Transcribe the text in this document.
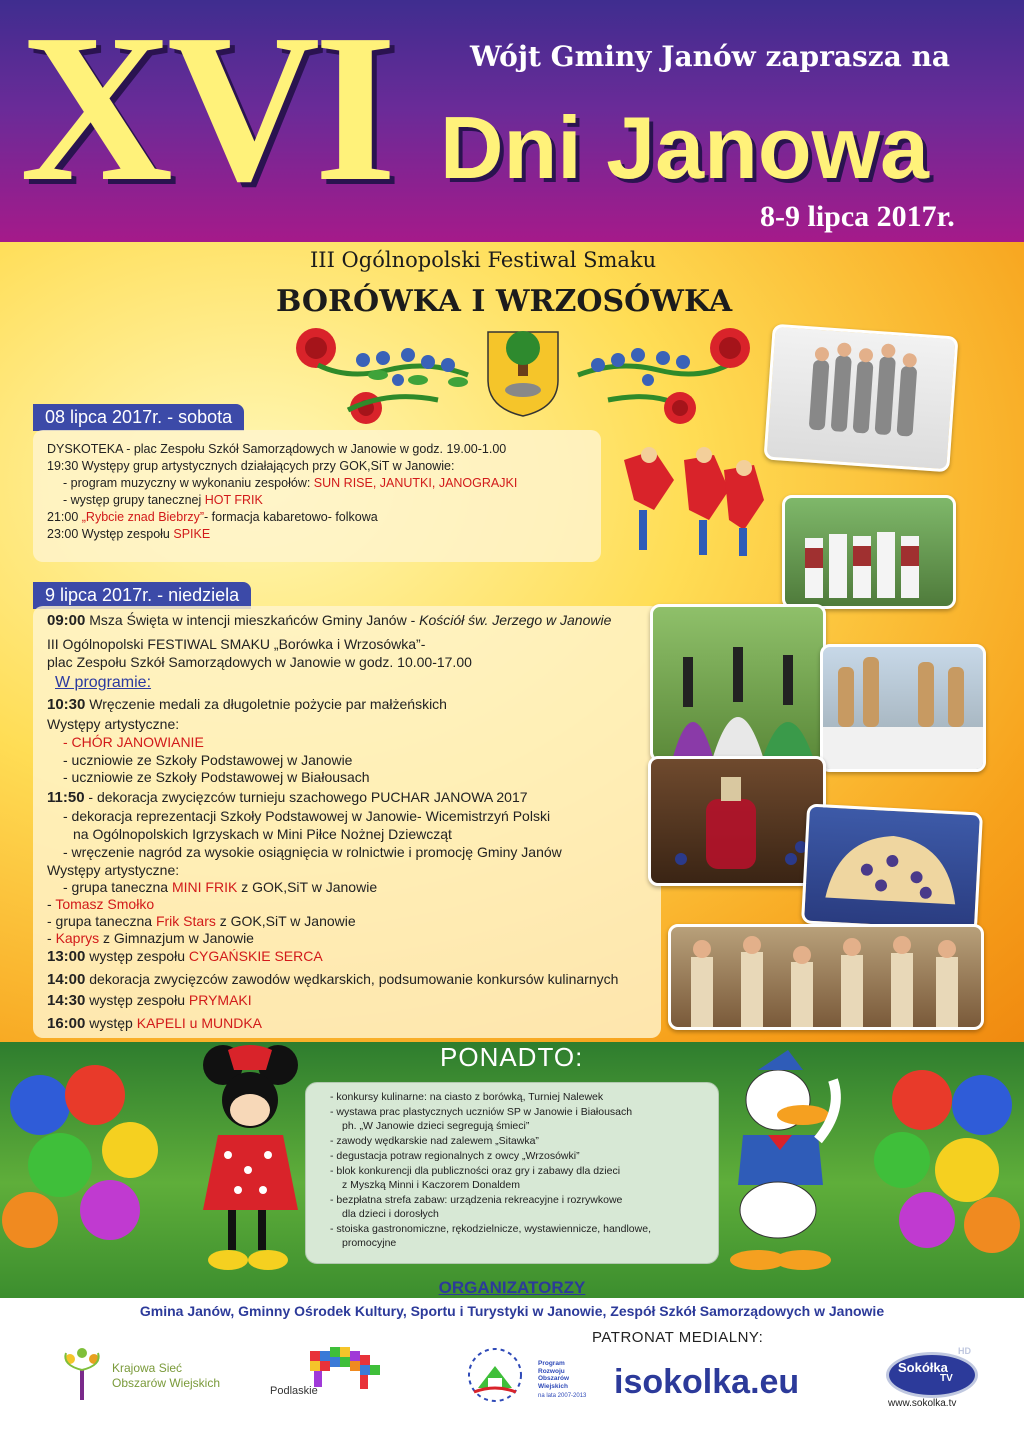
XVI	Wójt Gminy Janów zaprasza na
Dni Janowa
8-9 lipca 2017r.
III Ogólnopolski Festiwal Smaku
BORÓWKA I WRZOSÓWKA
08 lipca 2017r. - sobota
DYSKOTEKA - plac Zespołu Szkół Samorządowych w Janowie w godz. 19.00-1.00
19:30 Występy grup artystycznych działających przy GOK,SiT w Janowie:
- program muzyczny w wykonaniu zespołów: SUN RISE, JANUTKI, JANOGRAJKI
- występ grupy tanecznej HOT FRIK
21:00 „Rybcie znad Biebrzy”- formacja kabaretowo- folkowa
23:00 Występ zespołu SPIKE
9 lipca 2017r. - niedziela
09:00 Msza Święta w intencji mieszkańców Gminy Janów - Kościół św. Jerzego w Janowie
III Ogólnopolski FESTIWAL SMAKU „Borówka i Wrzosówka”-
plac Zespołu Szkół Samorządowych w Janowie w godz. 10.00-17.00
W programie:
10:30 Wręczenie medali za długoletnie pożycie par małżeńskich
Występy artystyczne:
- CHÓR JANOWIANIE
- uczniowie ze Szkoły Podstawowej w Janowie
- uczniowie ze Szkoły Podstawowej w Białousach
11:50 - dekoracja zwycięzców turnieju szachowego PUCHAR JANOWA 2017
- dekoracja reprezentacji Szkoły Podstawowej w Janowie- Wicemistrzyń Polski
na Ogólnopolskich Igrzyskach w Mini Piłce Nożnej Dziewcząt
- wręczenie nagród za wysokie osiągnięcia w rolnictwie i promocję Gminy Janów
Występy artystyczne:
- grupa taneczna MINI FRIK z GOK,SiT w Janowie
- Tomasz Smołko
- grupa taneczna Frik Stars z GOK,SiT w Janowie
- Kaprys z Gimnazjum w Janowie
13:00 występ zespołu CYGAŃSKIE SERCA
14:00 dekoracja zwycięzców zawodów wędkarskich, podsumowanie konkursów kulinarnych
14:30 występ zespołu PRYMAKI
16:00 występ KAPELI u MUNDKA
PONADTO:
- konkursy kulinarne: na ciasto z borówką, Turniej Nalewek
- wystawa prac plastycznych uczniów SP w Janowie i Białousach
ph. „W Janowie dzieci segregują śmieci”
- zawody wędkarskie nad zalewem „Sitawka”
- degustacja potraw regionalnych z owcy „Wrzosówki”
- blok konkurencji dla publiczności oraz gry i zabawy dla dzieci
z Myszką Minni i Kaczorem Donaldem
- bezpłatna strefa zabaw: urządzenia rekreacyjne i rozrywkowe
dla dzieci i dorosłych
- stoiska gastronomiczne, rękodzielnicze, wystawiennicze, handlowe,
promocyjne
ORGANIZATORZY
Gmina Janów, Gminny Ośrodek Kultury, Sportu i Turystyki w Janowie, Zespół Szkół Samorządowych w Janowie
PATRONAT MEDIALNY:
Krajowa Sieć
Obszarów Wiejskich
Podlaskie
Program
Rozwoju
Obszarów
Wiejskich
na lata 2007-2013 isokolka.eu	Sokółka
TV
HD
www.sokolka.tv
